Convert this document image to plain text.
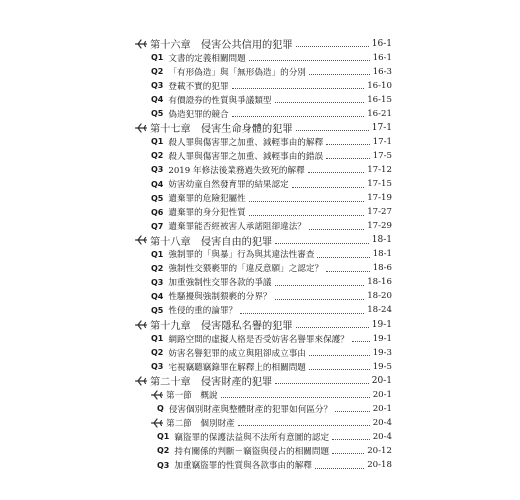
第十六章　侵害公共信用的犯罪	16-1
Q1 文書的定義相關問題	16-1
Q2 「有形偽造」與「無形偽造」的分別	16-3
Q3 登載不實的犯罪	16-10
Q4 有價證券的性質與爭議類型	16-15
Q5 偽造犯罪的競合	16-21
第十七章　侵害生命身體的犯罪	17-1
Q1 殺人罪與傷害罪之加重、減輕事由的解釋	17-1
Q2 殺人罪與傷害罪之加重、減輕事由的錯誤	17-5
Q3 2019 年修法後業務過失致死的解釋	17-12
Q4 妨害幼童自然發育罪的結果認定	17-15
Q5 遺棄罪的危險犯屬性	17-19
Q6 遺棄罪的身分犯性質	17-27
Q7 遺棄罪能否經被害人承諾阻卻違法？	17-29
第十八章　侵害自由的犯罪	18-1
Q1 強制罪的「與暴」行為與其違法性審查	18-1
Q2 強制性交猥褻罪的「違反意願」之認定？	18-6
Q3 加重強制性交罪各款的爭議	18-16
Q4 性騷擾與強制猥褻的分界？	18-20
Q5 性侵的重的論罪？	18-24
第十九章　侵害隱私名譽的犯罪	19-1
Q1 網路空間的虛擬人格是否受妨害名譽罪來保護？	19-1
Q2 妨害名譽犯罪的成立與阻卻成立事由	19-3
Q3 宅視竊聽竊錄罪在解釋上的相關問題	19-5
第二十章　侵害財產的犯罪	20-1
第一節　概說	20-1
Q 侵害個別財產與整體財產的犯罪如何區分？	20-1
第二節　個別財產	20-4
Q1 竊盜罪的保護法益與不法所有意圖的認定	20-4
Q2 持有關係的判斷－竊盜與侵占的相關問題	20-12
Q3 加重竊盜罪的性質與各款事由的解釋	20-18
